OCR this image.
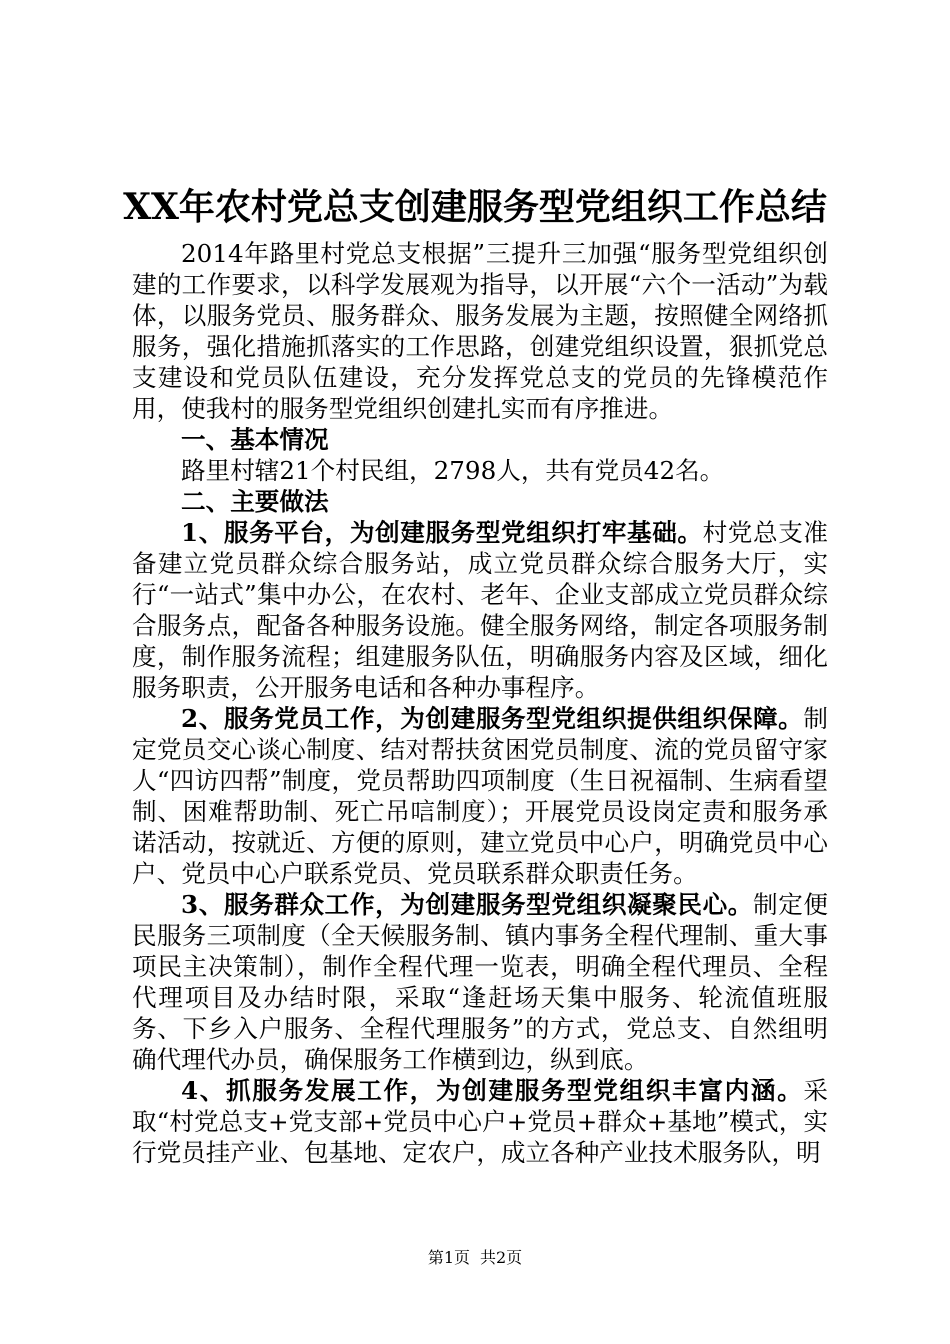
XX年农村党总支创建服务型党组织工作总结

2014年路里村党总支根据”三提升三加强“服务型党组织创建的工作要求，以科学发展观为指导，以开展“六个一活动”为载体，以服务党员、服务群众、服务发展为主题，按照健全网络抓服务，强化措施抓落实的工作思路，创建党组织设置，狠抓党总支建设和党员队伍建设，充分发挥党总支的党员的先锋模范作用，使我村的服务型党组织创建扎实而有序推进。

一、基本情况

路里村辖21个村民组，2798人，共有党员42名。

二、主要做法

1、服务平台，为创建服务型党组织打牢基础。村党总支准备建立党员群众综合服务站，成立党员群众综合服务大厅，实行“一站式”集中办公，在农村、老年、企业支部成立党员群众综合服务点，配备各种服务设施。健全服务网络，制定各项服务制度，制作服务流程；组建服务队伍，明确服务内容及区域，细化服务职责，公开服务电话和各种办事程序。

2、服务党员工作，为创建服务型党组织提供组织保障。制定党员交心谈心制度、结对帮扶贫困党员制度、流的党员留守家人“四访四帮”制度，党员帮助四项制度（生日祝福制、生病看望制、困难帮助制、死亡吊唁制度）；开展党员设岗定责和服务承诺活动，按就近、方便的原则，建立党员中心户，明确党员中心户、党员中心户联系党员、党员联系群众职责任务。

3、服务群众工作，为创建服务型党组织凝聚民心。制定便民服务三项制度（全天候服务制、镇内事务全程代理制、重大事项民主决策制），制作全程代理一览表，明确全程代理员、全程代理项目及办结时限，采取“逢赶场天集中服务、轮流值班服务、下乡入户服务、全程代理服务”的方式，党总支、自然组明确代理代办员，确保服务工作横到边，纵到底。

4、抓服务发展工作，为创建服务型党组织丰富内涵。采取“村党总支+党支部+党员中心户+党员+群众+基地”模式，实行党员挂产业、包基地、定农户，成立各种产业技术服务队，明

第1页 共2页
